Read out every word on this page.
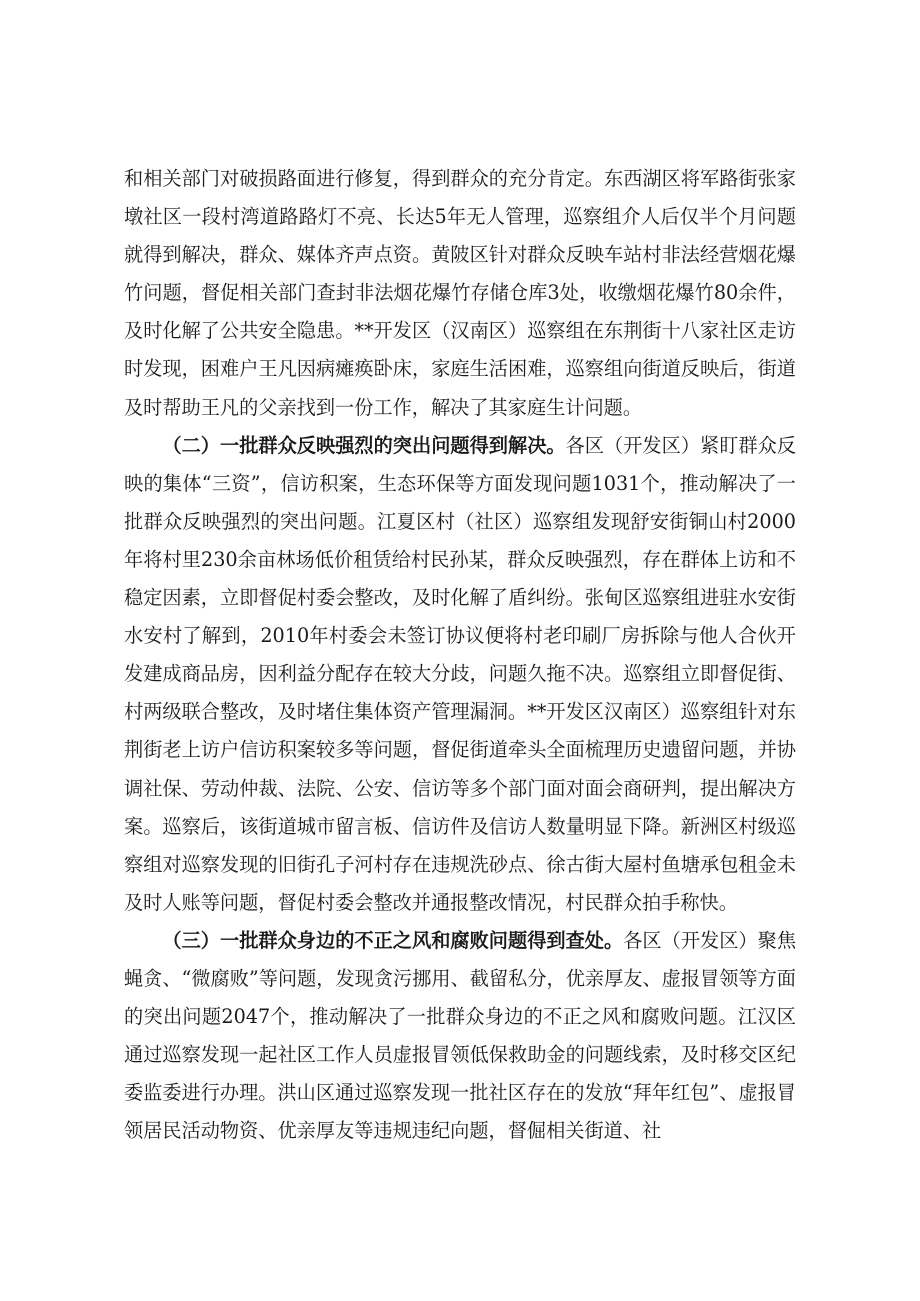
和相关部门对破损路面进行修复，得到群众的充分肯定。东西湖区将军路街张家墩社区一段村湾道路路灯不亮、长达5年无人管理，巡察组介人后仅半个月问题就得到解决，群众、媒体齐声点资。黄陂区针对群众反映车站村非法经营烟花爆竹问题，督促相关部门查封非法烟花爆竹存储仓库3处，收缴烟花爆竹80余件，及时化解了公共安全隐患。**开发区（汉南区）巡察组在东荆街十八家社区走访时发现，困难户王凡因病瘫痪卧床，家庭生活困难，巡察组向街道反映后，街道及时帮助王凡的父亲找到一份工作，解决了其家庭生计问题。

（二）一批群众反映强烈的突出问题得到解决。各区（开发区）紧盯群众反映的集体“三资”，信访积案，生态环保等方面发现问题1031个，推动解决了一批群众反映强烈的突出问题。江夏区村（社区）巡察组发现舒安街铜山村2000年将村里230余亩林场低价租赁给村民孙某，群众反映强烈，存在群体上访和不稳定因素，立即督促村委会整改，及时化解了盾纠纷。张甸区巡察组进驻水安街水安村了解到，2010年村委会未签订协议便将村老印刷厂房拆除与他人合伙开发建成商品房，因利益分配存在较大分歧，问题久拖不决。巡察组立即督促街、村两级联合整改，及时堵住集体资产管理漏洞。**开发区汉南区）巡察组针对东荆街老上访户信访积案较多等问题，督促街道牵头全面梳理历史遗留问题，并协调社保、劳动仲裁、法院、公安、信访等多个部门面对面会商研判，提出解决方案。巡察后，该街道城市留言板、信访件及信访人数量明显下降。新洲区村级巡察组对巡察发现的旧街孔子河村存在违规洗砂点、徐古街大屋村鱼塘承包租金未及时人账等问题，督促村委会整改并通报整改情况，村民群众拍手称快。

（三）一批群众身边的不正之风和腐败问题得到查处。各区（开发区）聚焦蝇贪、“微腐败”等问题，发现贪污挪用、截留私分，优亲厚友、虚报冒领等方面的突出问题2047个，推动解决了一批群众身边的不正之风和腐败问题。江汉区通过巡察发现一起社区工作人员虚报冒领低保救助金的问题线索，及时移交区纪委监委进行办理。洪山区通过巡察发现一批社区存在的发放“拜年红包”、虚报冒领居民活动物资、优亲厚友等违规违纪向题，督倔相关街道、社
